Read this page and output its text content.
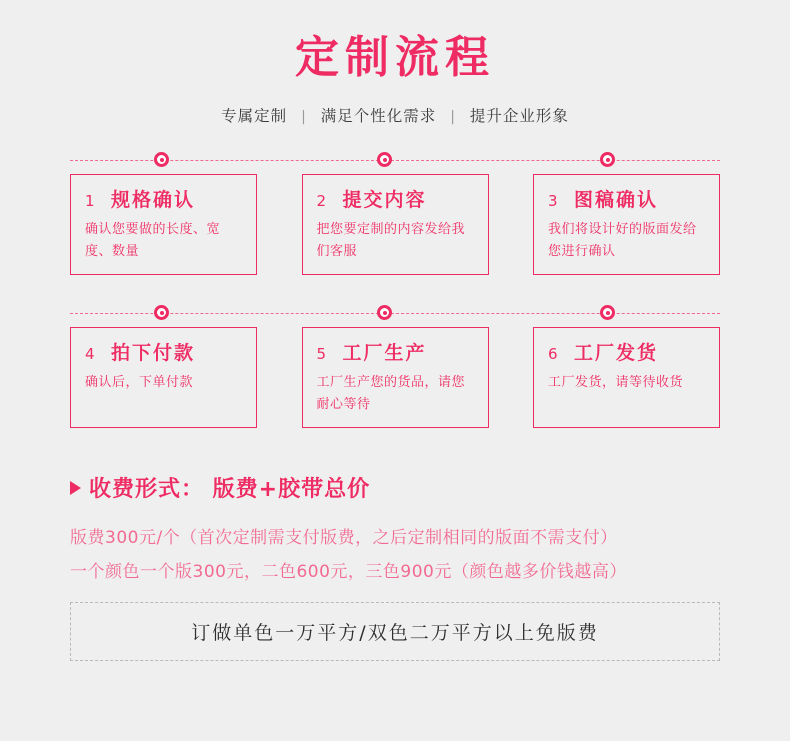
定制流程
专属定制 | 满足个性化需求 | 提升企业形象
1 规格确认
确认您要做的长度、宽度、数量
2 提交内容
把您要定制的内容发给我们客服
3 图稿确认
我们将设计好的版面发给您进行确认
4 拍下付款
确认后，下单付款
5 工厂生产
工厂生产您的货品，请您耐心等待
6 工厂发货
工厂发货，请等待收货
收费形式： 版费+胶带总价
版费300元/个（首次定制需支付版费，之后定制相同的版面不需支付）
一个颜色一个版300元，二色600元，三色900元（颜色越多价钱越高）
订做单色一万平方/双色二万平方以上免版费
